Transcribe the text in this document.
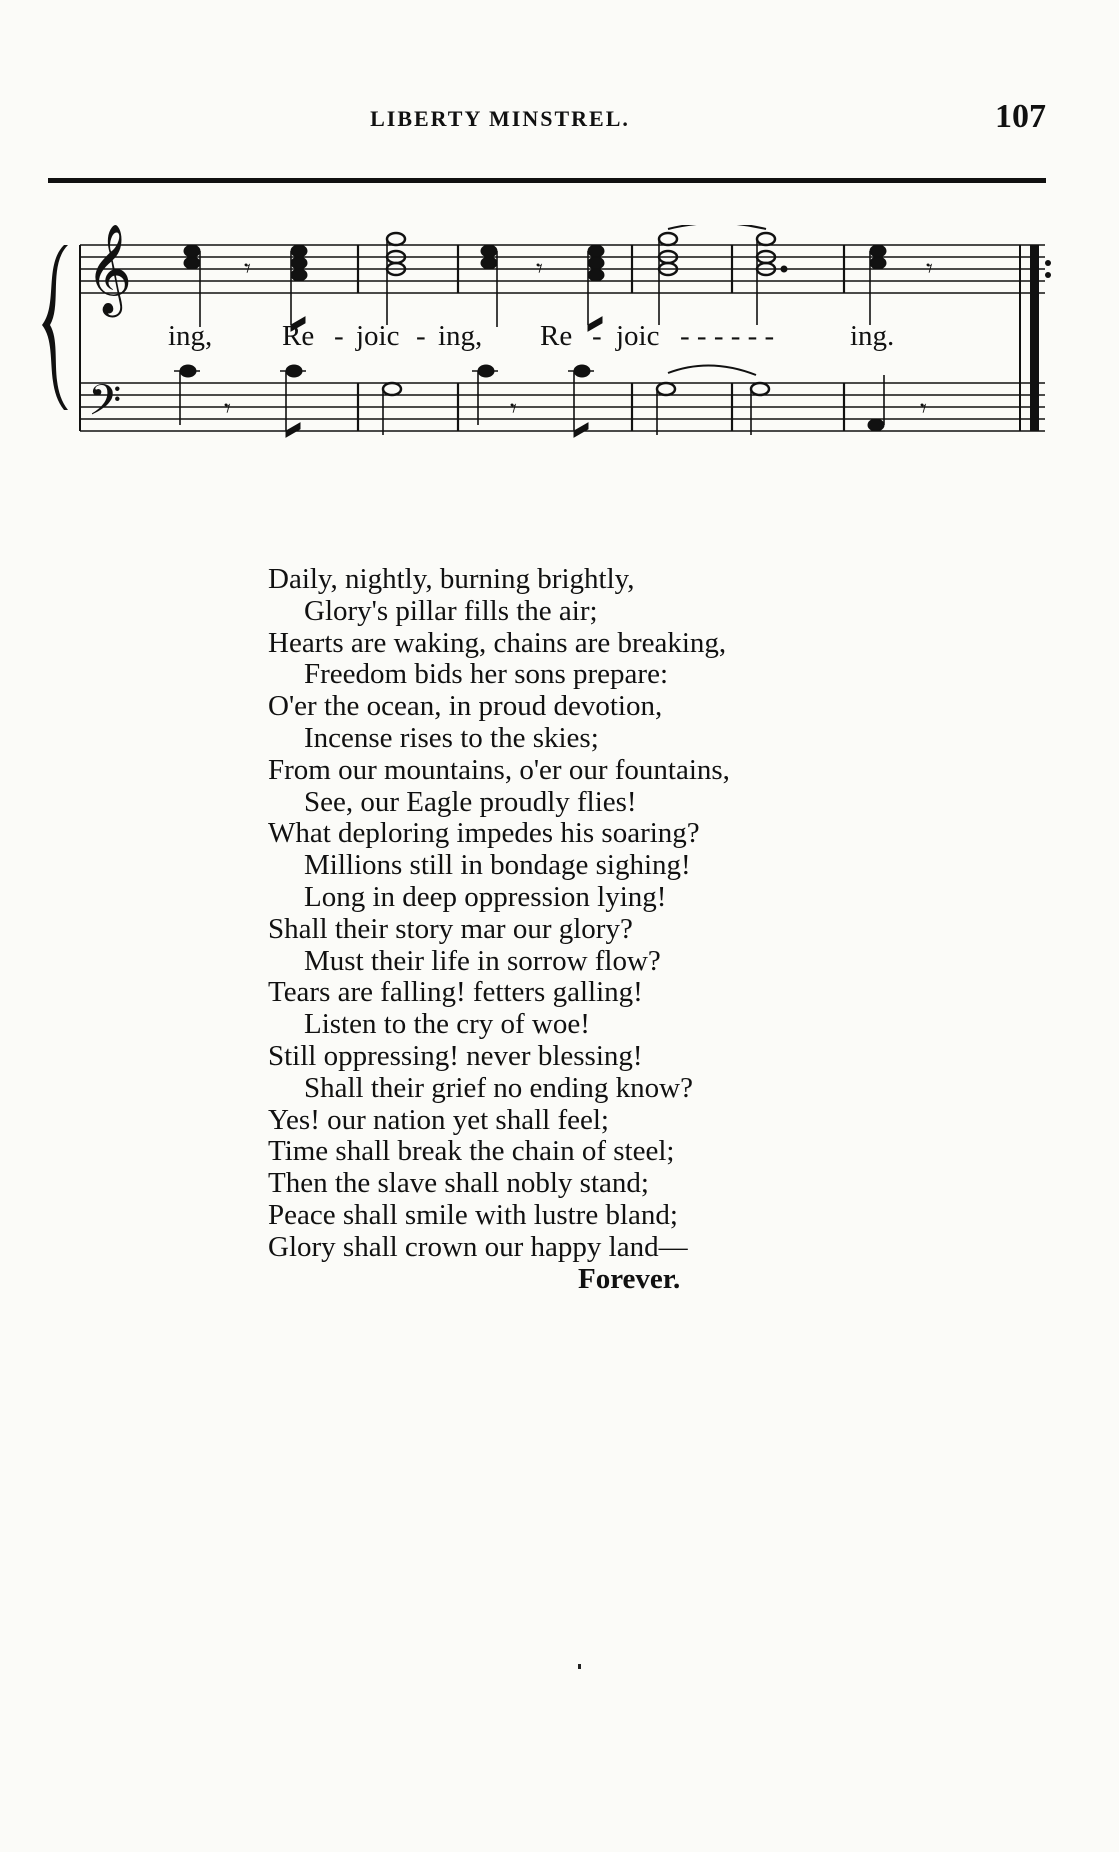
LIBERTY MINSTREL.	107
𝄞
𝄢
𝄾	𝄾	𝄾
ing, Re - joic - ing, Re - joic - - - - - -	ing.
𝄾	𝄾	𝄾
Daily, nightly, burning brightly,
Glory's pillar fills the air;
Hearts are waking, chains are breaking,
Freedom bids her sons prepare:
O'er the ocean, in proud devotion,
Incense rises to the skies;
From our mountains, o'er our fountains,
See, our Eagle proudly flies!
What deploring impedes his soaring?
Millions still in bondage sighing!
Long in deep oppression lying!
Shall their story mar our glory?
Must their life in sorrow flow?
Tears are falling! fetters galling!
Listen to the cry of woe!
Still oppressing! never blessing!
Shall their grief no ending know?
Yes! our nation yet shall feel;
Time shall break the chain of steel;
Then the slave shall nobly stand;
Peace shall smile with lustre bland;
Glory shall crown our happy land—
Forever.
